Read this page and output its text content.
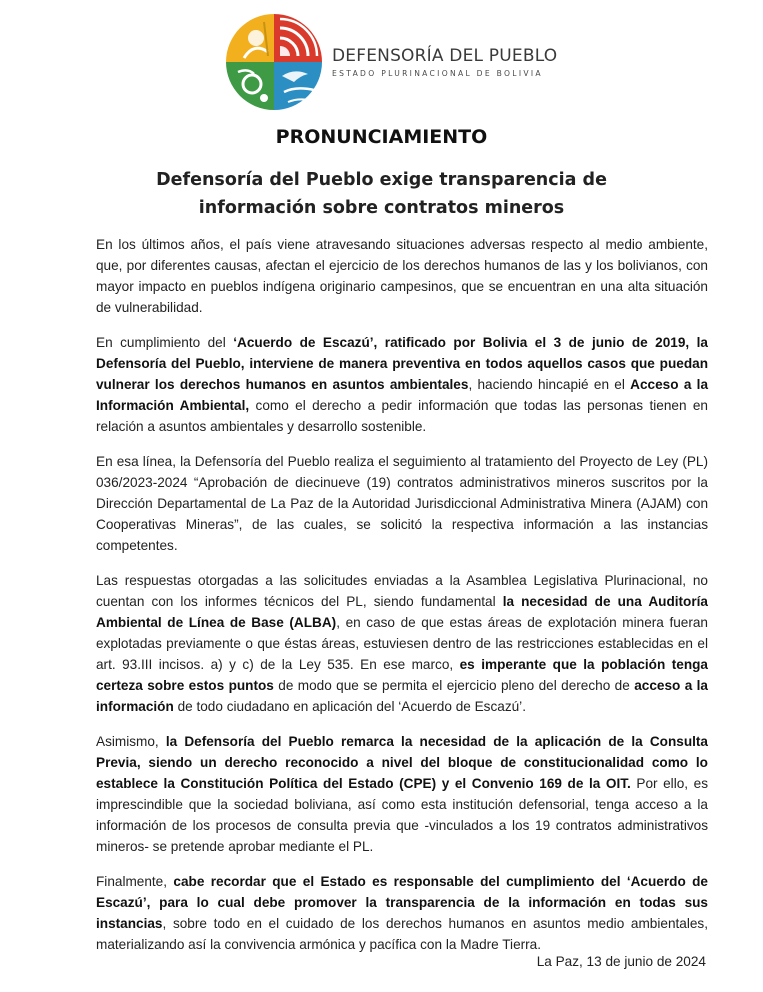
DEFENSORÍA DEL PUEBLO
ESTADO PLURINACIONAL DE BOLIVIA
PRONUNCIAMIENTO
Defensoría del Pueblo exige transparencia de información sobre contratos mineros

En los últimos años, el país viene atravesando situaciones adversas respecto al medio ambiente, que, por diferentes causas, afectan el ejercicio de los derechos humanos de las y los bolivianos, con mayor impacto en pueblos indígena originario campesinos, que se encuentran en una alta situación de vulnerabilidad.

En cumplimiento del ‘Acuerdo de Escazú’, ratificado por Bolivia el 3 de junio de 2019, la Defensoría del Pueblo, interviene de manera preventiva en todos aquellos casos que puedan vulnerar los derechos humanos en asuntos ambientales, haciendo hincapié en el Acceso a la Información Ambiental, como el derecho a pedir información que todas las personas tienen en relación a asuntos ambientales y desarrollo sostenible.

En esa línea, la Defensoría del Pueblo realiza el seguimiento al tratamiento del Proyecto de Ley (PL) 036/2023-2024 “Aprobación de diecinueve (19) contratos administrativos mineros suscritos por la Dirección Departamental de La Paz de la Autoridad Jurisdiccional Administrativa Minera (AJAM) con Cooperativas Mineras”, de las cuales, se solicitó la respectiva información a las instancias competentes.

Las respuestas otorgadas a las solicitudes enviadas a la Asamblea Legislativa Plurinacional, no cuentan con los informes técnicos del PL, siendo fundamental la necesidad de una Auditoría Ambiental de Línea de Base (ALBA), en caso de que estas áreas de explotación minera fueran explotadas previamente o que éstas áreas, estuviesen dentro de las restricciones establecidas en el art. 93.III incisos. a) y c) de la Ley 535. En ese marco, es imperante que la población tenga certeza sobre estos puntos de modo que se permita el ejercicio pleno del derecho de acceso a la información de todo ciudadano en aplicación del ‘Acuerdo de Escazú’.

Asimismo, la Defensoría del Pueblo remarca la necesidad de la aplicación de la Consulta Previa, siendo un derecho reconocido a nivel del bloque de constitucionalidad como lo establece la Constitución Política del Estado (CPE) y el Convenio 169 de la OIT. Por ello, es imprescindible que la sociedad boliviana, así como esta institución defensorial, tenga acceso a la información de los procesos de consulta previa que -vinculados a los 19 contratos administrativos mineros- se pretende aprobar mediante el PL.

Finalmente, cabe recordar que el Estado es responsable del cumplimiento del ‘Acuerdo de Escazú’, para lo cual debe promover la transparencia de la información en todas sus instancias, sobre todo en el cuidado de los derechos humanos en asuntos medio ambientales, materializando así la convivencia armónica y pacífica con la Madre Tierra.

La Paz, 13 de junio de 2024
